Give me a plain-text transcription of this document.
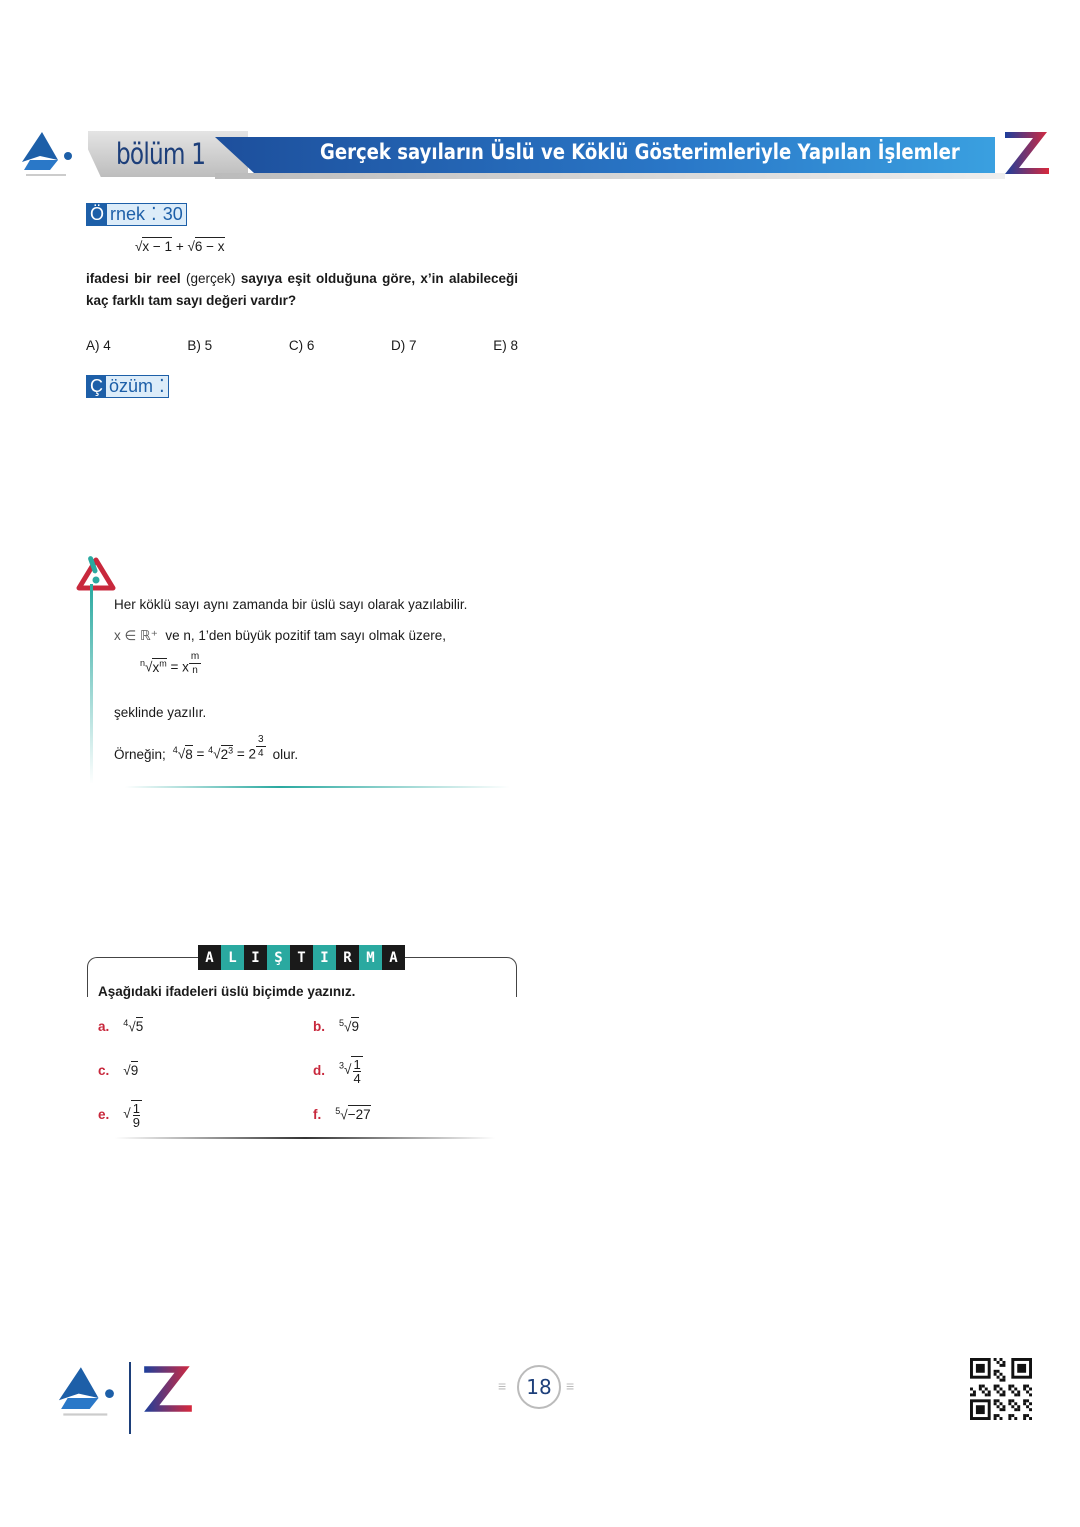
bölüm 1	Gerçek sayıların Üslü ve Köklü Gösterimleriyle Yapılan İşlemler
Ö rnek ⁚ 30
√x − 1 + √6 − x
ifadesi bir reel (gerçek) sayıya eşit olduğuna göre, x’in alabileceği kaç farklı tam sayı değeri vardır?
A) 4	B) 5	C) 6	D) 7	E) 8
Ç özüm ⁚
Her köklü sayı aynı zamanda bir üslü sayı olarak yazılabilir.
x ∈ ℝ⁺ ve n, 1’den büyük pozitif tam sayı olmak üzere,
$^n√x^m = x \frac{m}{n}$
şeklinde yazılır.
Örneğin; $^4√8 = ^4√2^3 = 2 \frac{3}{4}$ olur.
A	L	I	Ş	T	I	R	M	A
Aşağıdaki ifadeleri üslü biçimde yazınız.
a. $^4$√5	b. $^5$√9
c. √9	d. $^3√ \frac{1}{4}$
e. √ $\frac{1}{9}$	f. $^5$√−27
18
≡	≡
